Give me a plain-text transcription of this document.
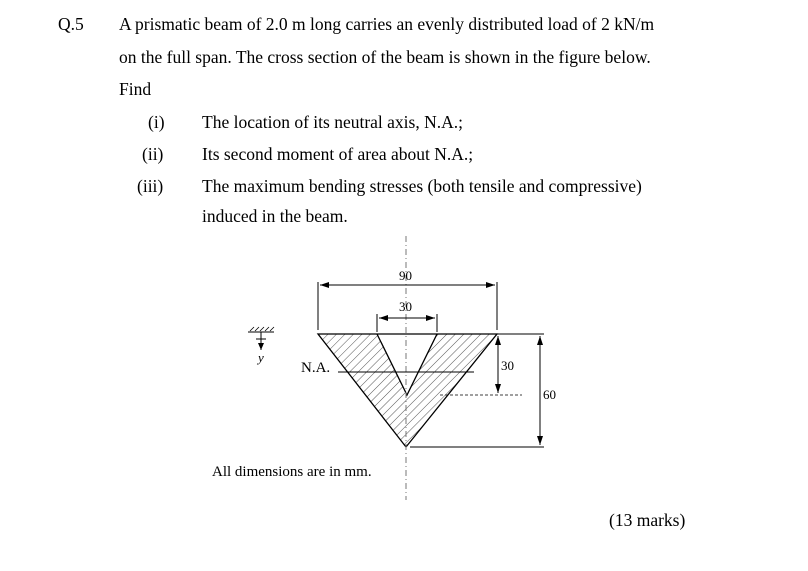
Q.5 A prismatic beam of 2.0 m long carries an evenly distributed load of 2 kN/m
on the full span. The cross section of the beam is shown in the figure below.
Find
(i) The location of its neutral axis, N.A.;
(ii) Its second moment of area about N.A.;
(iii) The maximum bending stresses (both tensile and compressive)
induced in the beam.
90
30
30
60
N.A.
y
All dimensions are in mm.
(13 marks)
